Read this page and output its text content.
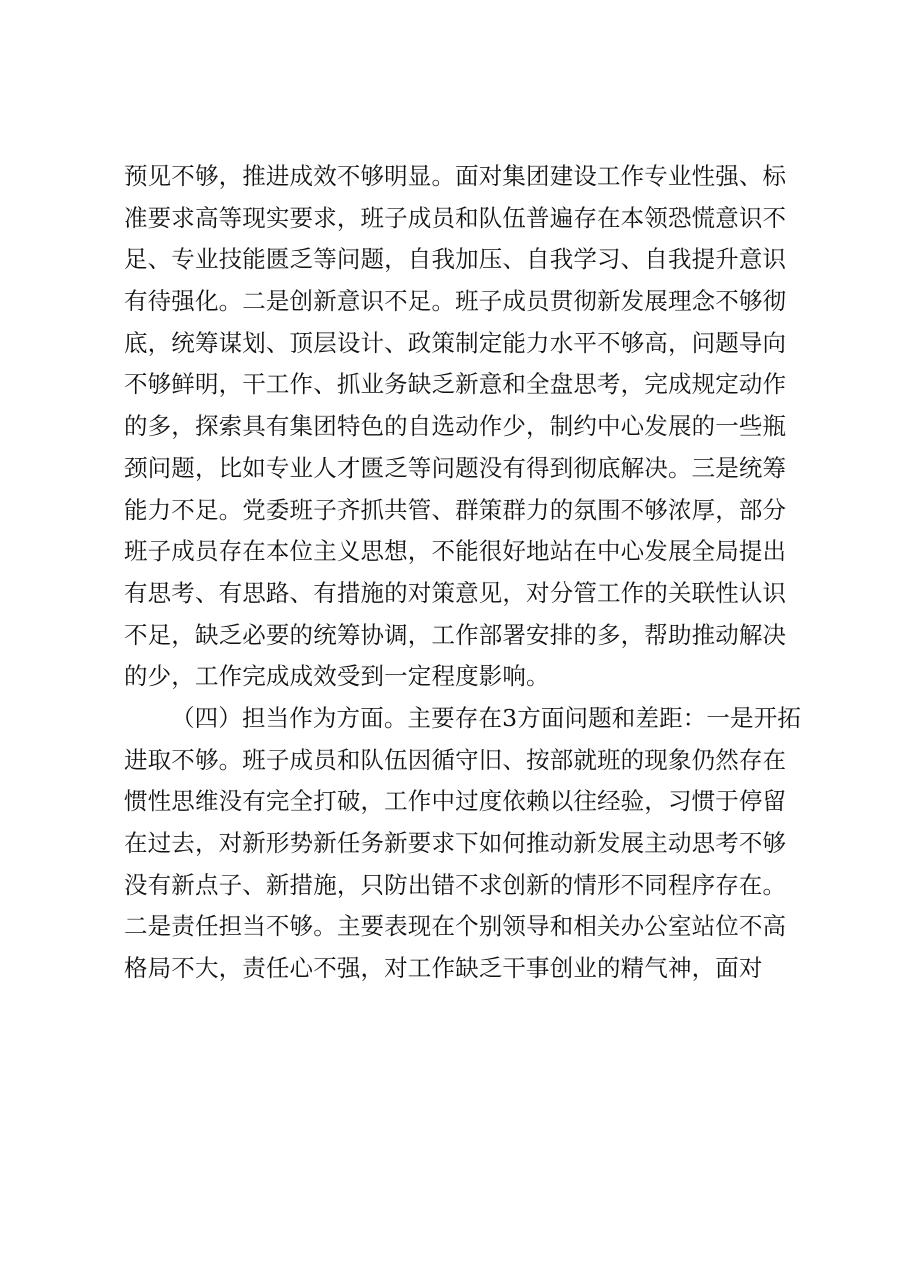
预见不够，推进成效不够明显。面对集团建设工作专业性强、标
准要求高等现实要求，班子成员和队伍普遍存在本领恐慌意识不
足、专业技能匮乏等问题，自我加压、自我学习、自我提升意识
有待强化。二是创新意识不足。班子成员贯彻新发展理念不够彻
底，统筹谋划、顶层设计、政策制定能力水平不够高，问题导向
不够鲜明，干工作、抓业务缺乏新意和全盘思考，完成规定动作
的多，探索具有集团特色的自选动作少，制约中心发展的一些瓶
颈问题，比如专业人才匮乏等问题没有得到彻底解决。三是统筹
能力不足。党委班子齐抓共管、群策群力的氛围不够浓厚，部分
班子成员存在本位主义思想，不能很好地站在中心发展全局提出
有思考、有思路、有措施的对策意见，对分管工作的关联性认识
不足，缺乏必要的统筹协调，工作部署安排的多，帮助推动解决
的少，工作完成成效受到一定程度影响。
（四）担当作为方面。主要存在3方面问题和差距：一是开拓
进取不够。班子成员和队伍因循守旧、按部就班的现象仍然存在
惯性思维没有完全打破，工作中过度依赖以往经验，习惯于停留
在过去，对新形势新任务新要求下如何推动新发展主动思考不够
没有新点子、新措施，只防出错不求创新的情形不同程序存在。
二是责任担当不够。主要表现在个别领导和相关办公室站位不高
格局不大，责任心不强，对工作缺乏干事创业的精气神，面对
